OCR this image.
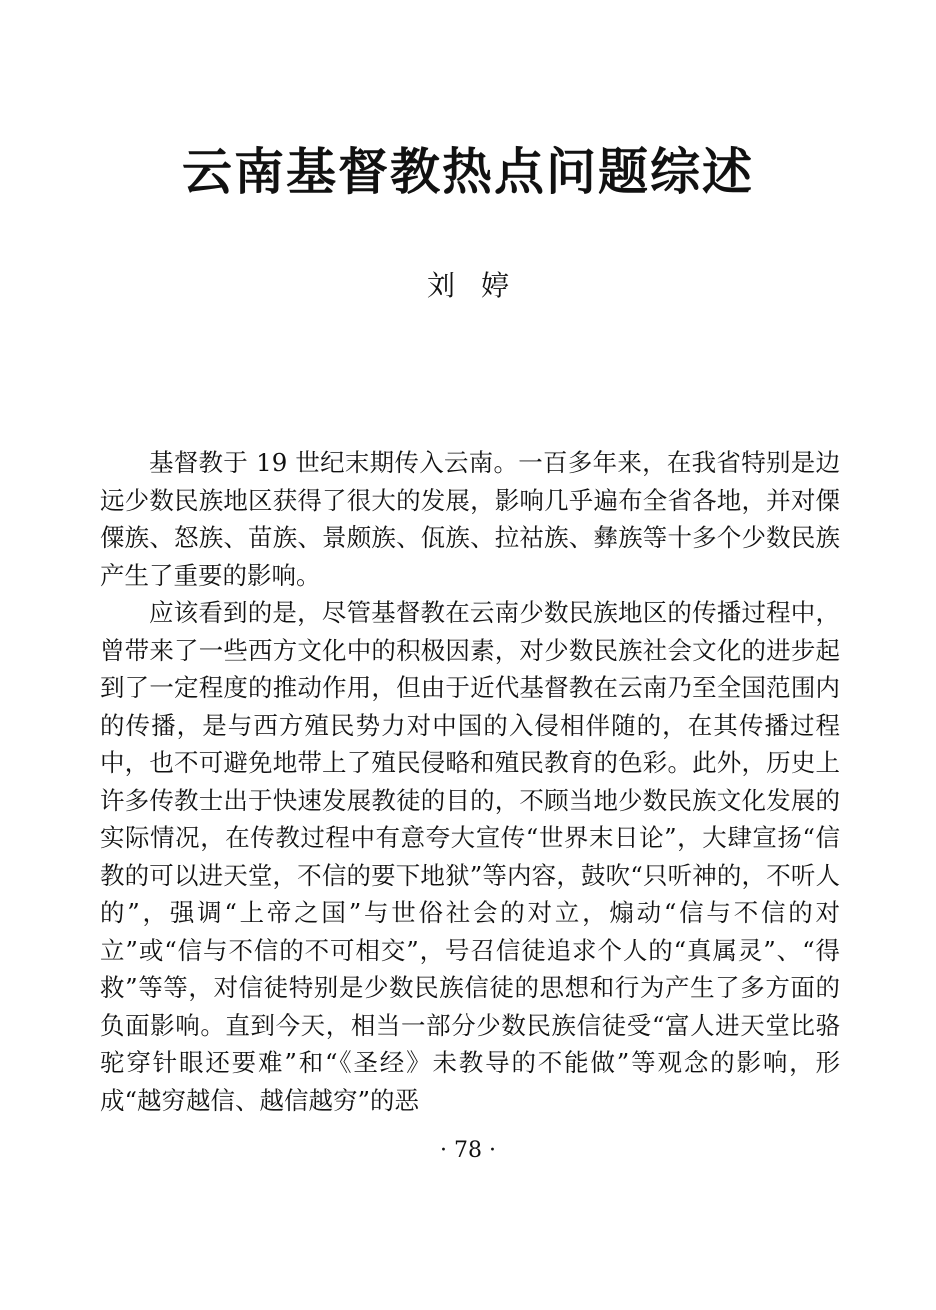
云南基督教热点问题综述
刘婷

基督教于 19 世纪末期传入云南。一百多年来，在我省特别是边远少数民族地区获得了很大的发展，影响几乎遍布全省各地，并对傈僳族、怒族、苗族、景颇族、佤族、拉祜族、彝族等十多个少数民族产生了重要的影响。

应该看到的是，尽管基督教在云南少数民族地区的传播过程中，曾带来了一些西方文化中的积极因素，对少数民族社会文化的进步起到了一定程度的推动作用，但由于近代基督教在云南乃至全国范围内的传播，是与西方殖民势力对中国的入侵相伴随的，在其传播过程中，也不可避免地带上了殖民侵略和殖民教育的色彩。此外，历史上许多传教士出于快速发展教徒的目的，不顾当地少数民族文化发展的实际情况，在传教过程中有意夸大宣传“世界末日论”，大肆宣扬“信教的可以进天堂，不信的要下地狱”等内容，鼓吹“只听神的，不听人的”，强调“上帝之国”与世俗社会的对立，煽动“信与不信的对立”或“信与不信的不可相交”，号召信徒追求个人的“真属灵”、“得救”等等，对信徒特别是少数民族信徒的思想和行为产生了多方面的负面影响。直到今天，相当一部分少数民族信徒受“富人进天堂比骆驼穿针眼还要难”和“《圣经》未教导的不能做”等观念的影响，形成“越穷越信、越信越穷”的恶

· 78 ·
